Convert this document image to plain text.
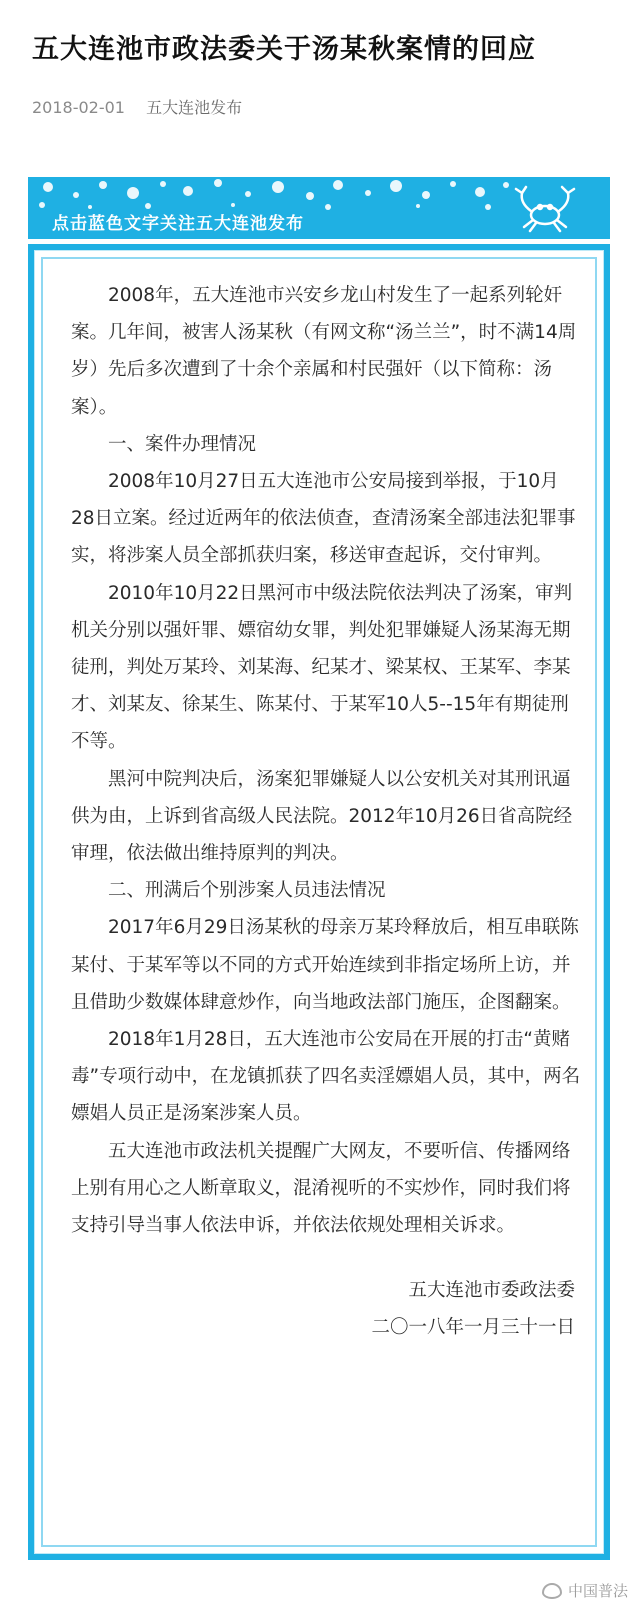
五大连池市政法委关于汤某秋案情的回应
2018-02-01 五大连池发布
点击蓝色文字关注五大连池发布

2008年，五大连池市兴安乡龙山村发生了一起系列轮奸案。几年间，被害人汤某秋（有网文称“汤兰兰”，时不满14周岁）先后多次遭到了十余个亲属和村民强奸（以下简称：汤案）。

一、案件办理情况

2008年10月27日五大连池市公安局接到举报，于10月28日立案。经过近两年的依法侦查，查清汤案全部违法犯罪事实，将涉案人员全部抓获归案，移送审查起诉，交付审判。

2010年10月22日黑河市中级法院依法判决了汤案，审判机关分别以强奸罪、嫖宿幼女罪，判处犯罪嫌疑人汤某海无期徒刑，判处万某玲、刘某海、纪某才、梁某权、王某军、李某才、刘某友、徐某生、陈某付、于某军10人5--15年有期徒刑不等。

黑河中院判决后，汤案犯罪嫌疑人以公安机关对其刑讯逼供为由，上诉到省高级人民法院。2012年10月26日省高院经审理，依法做出维持原判的判决。

二、刑满后个别涉案人员违法情况

2017年6月29日汤某秋的母亲万某玲释放后，相互串联陈某付、于某军等以不同的方式开始连续到非指定场所上访，并且借助少数媒体肆意炒作，向当地政法部门施压，企图翻案。

2018年1月28日，五大连池市公安局在开展的打击“黄赌毒”专项行动中，在龙镇抓获了四名卖淫嫖娼人员，其中，两名嫖娼人员正是汤案涉案人员。

五大连池市政法机关提醒广大网友，不要听信、传播网络上别有用心之人断章取义，混淆视听的不实炒作，同时我们将支持引导当事人依法申诉，并依法依规处理相关诉求。

五大连池市委政法委

二〇一八年一月三十一日

中国普法
